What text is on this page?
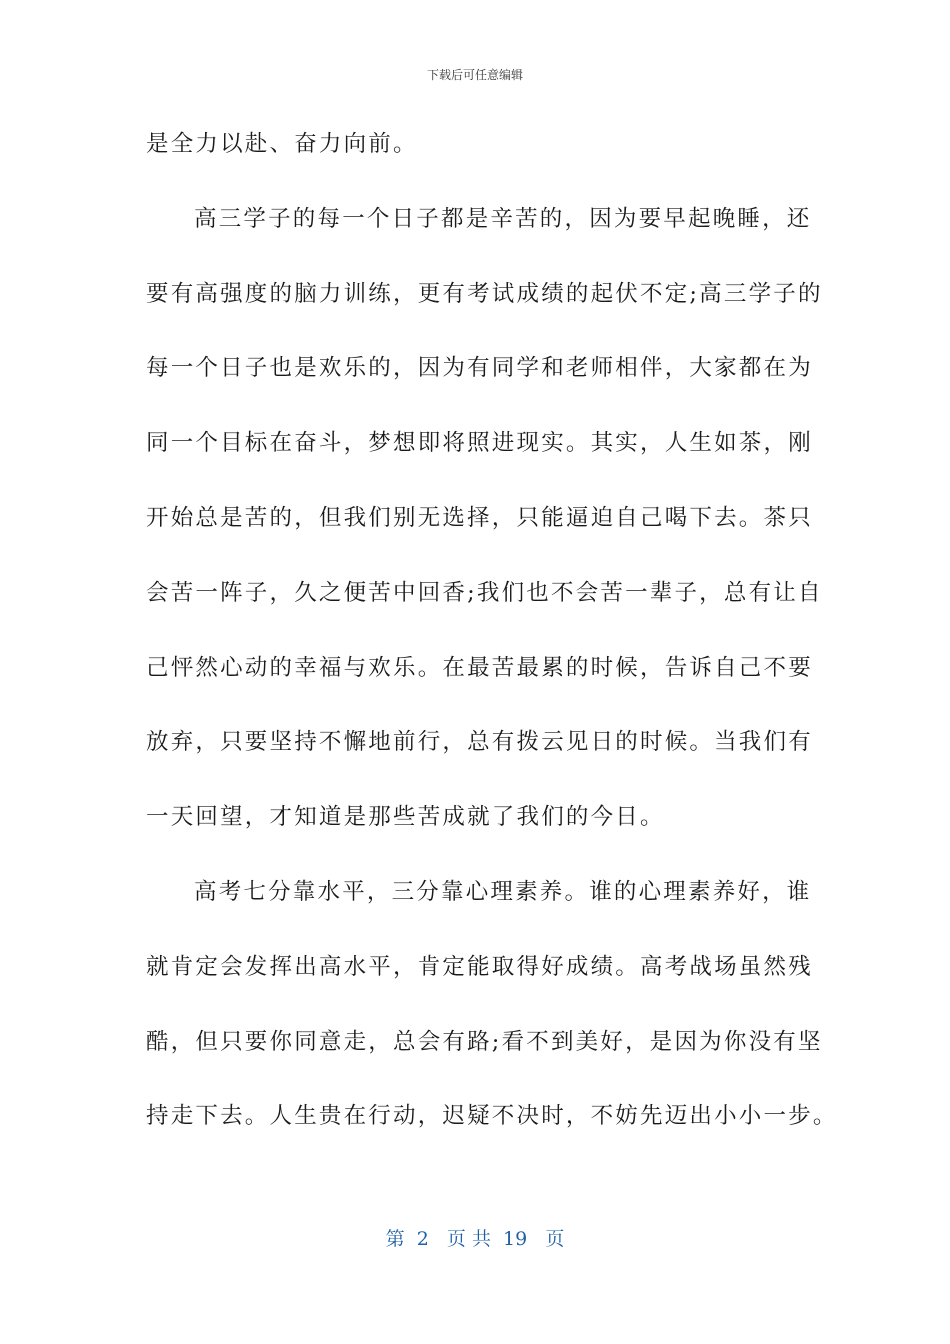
下载后可任意编辑
是全力以赴、奋力向前。
高三学子的每一个日子都是辛苦的，因为要早起晚睡，还
要有高强度的脑力训练，更有考试成绩的起伏不定;高三学子的
每一个日子也是欢乐的，因为有同学和老师相伴，大家都在为
同一个目标在奋斗，梦想即将照进现实。其实，人生如茶，刚
开始总是苦的，但我们别无选择，只能逼迫自己喝下去。茶只
会苦一阵子，久之便苦中回香;我们也不会苦一辈子，总有让自
己怦然心动的幸福与欢乐。在最苦最累的时候，告诉自己不要
放弃，只要坚持不懈地前行，总有拨云见日的时候。当我们有
一天回望，才知道是那些苦成就了我们的今日。
高考七分靠水平，三分靠心理素养。谁的心理素养好，谁
就肯定会发挥出高水平，肯定能取得好成绩。高考战场虽然残
酷，但只要你同意走，总会有路;看不到美好，是因为你没有坚
持走下去。人生贵在行动，迟疑不决时，不妨先迈出小小一步。
第  2   页 共  19   页
